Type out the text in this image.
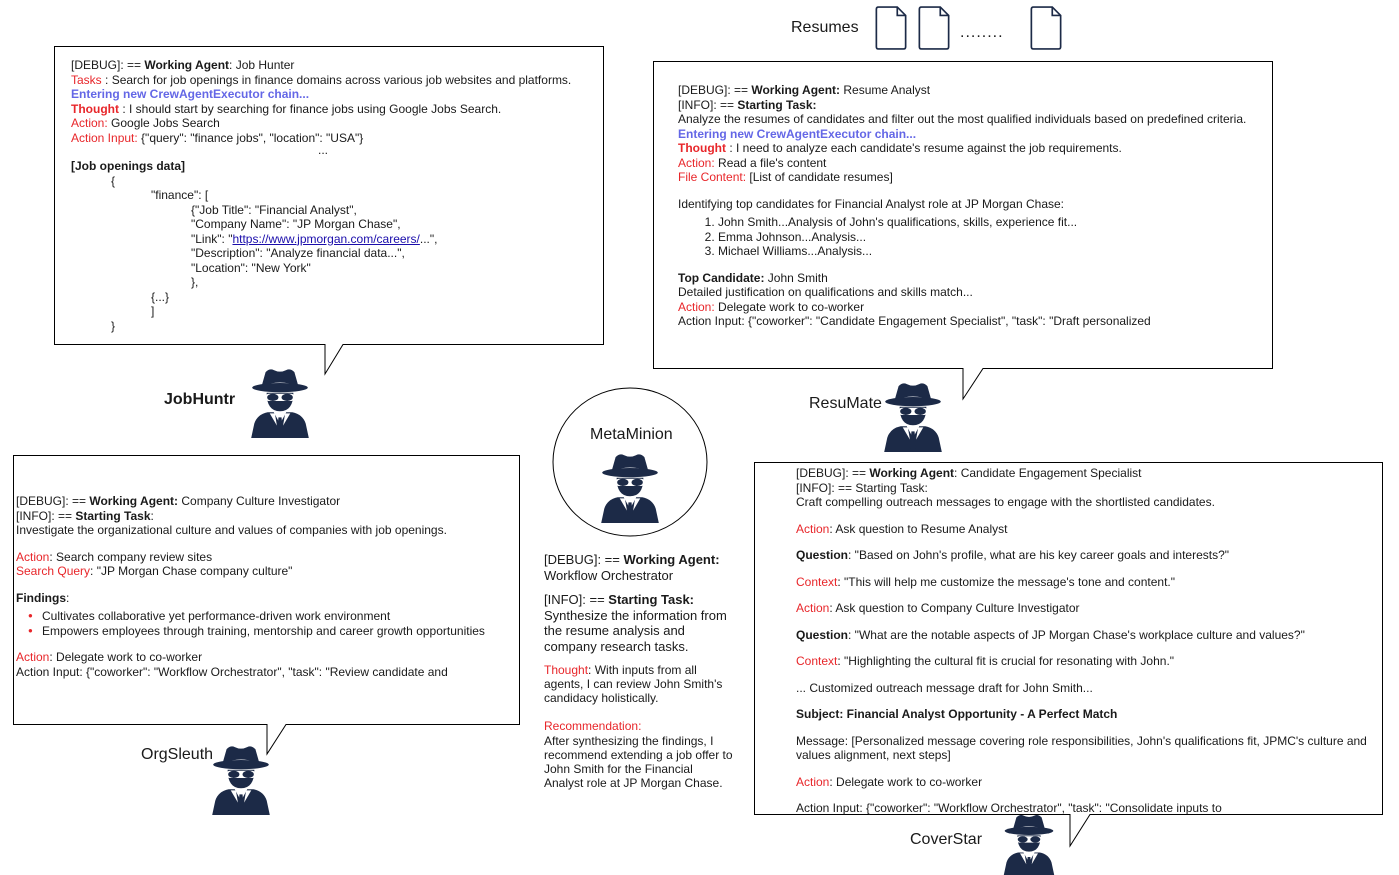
Resumes	........
[DEBUG]: == Working Agent: Job Hunter
Tasks : Search for job openings in finance domains across various job websites and platforms.
Entering new CrewAgentExecutor chain...
Thought : I should start by searching for finance jobs using Google Jobs Search.
Action: Google Jobs Search
Action Input: {"query": "finance jobs", "location": "USA"}
...
[Job openings data]
{
"finance": [
{"Job Title": "Financial Analyst",
"Company Name": "JP Morgan Chase",
"Link": "https://www.jpmorgan.com/careers/...",
"Description": "Analyze financial data...",
"Location": "New York"
},
{...}
]
}
JobHuntr
[DEBUG]: == Working Agent: Resume Analyst
[INFO]: == Starting Task:
Analyze the resumes of candidates and filter out the most qualified individuals based on predefined criteria.
Entering new CrewAgentExecutor chain...
Thought : I need to analyze each candidate's resume against the job requirements.
Action: Read a file's content
File Content: [List of candidate resumes]
Identifying top candidates for Financial Analyst role at JP Morgan Chase:
1. John Smith...Analysis of John's qualifications, skills, experience fit...
2. Emma Johnson...Analysis...
3. Michael Williams...Analysis...
Top Candidate: John Smith
Detailed justification on qualifications and skills match...
Action: Delegate work to co-worker
Action Input: {"coworker": "Candidate Engagement Specialist", "task": "Draft personalized
ResuMate
MetaMinion
[DEBUG]: == Working Agent: Company Culture Investigator
[INFO]: == Starting Task:
Investigate the organizational culture and values of companies with job openings.
Action: Search company review sites
Search Query: "JP Morgan Chase company culture"
Findings:
● Cultivates collaborative yet performance-driven work environment
● Empowers employees through training, mentorship and career growth opportunities
Action: Delegate work to co-worker
Action Input: {"coworker": "Workflow Orchestrator", "task": "Review candidate and
OrgSleuth
[DEBUG]: == Working Agent:
Workflow Orchestrator
[INFO]: == Starting Task:
Synthesize the information from the resume analysis and company research tasks.
Thought: With inputs from all agents, I can review John Smith's candidacy holistically.
Recommendation:
After synthesizing the findings, I recommend extending a job offer to John Smith for the Financial Analyst role at JP Morgan Chase.
[DEBUG]: == Working Agent: Candidate Engagement Specialist
[INFO]: == Starting Task:
Craft compelling outreach messages to engage with the shortlisted candidates.
Action: Ask question to Resume Analyst
Question: "Based on John's profile, what are his key career goals and interests?"
Context: "This will help me customize the message's tone and content."
Action: Ask question to Company Culture Investigator
Question: "What are the notable aspects of JP Morgan Chase's workplace culture and values?"
Context: "Highlighting the cultural fit is crucial for resonating with John."
... Customized outreach message draft for John Smith...
Subject: Financial Analyst Opportunity - A Perfect Match
Message: [Personalized message covering role responsibilities, John's qualifications fit, JPMC's culture and values alignment, next steps]
Action: Delegate work to co-worker
Action Input: {"coworker": "Workflow Orchestrator", "task": "Consolidate inputs to
CoverStar
